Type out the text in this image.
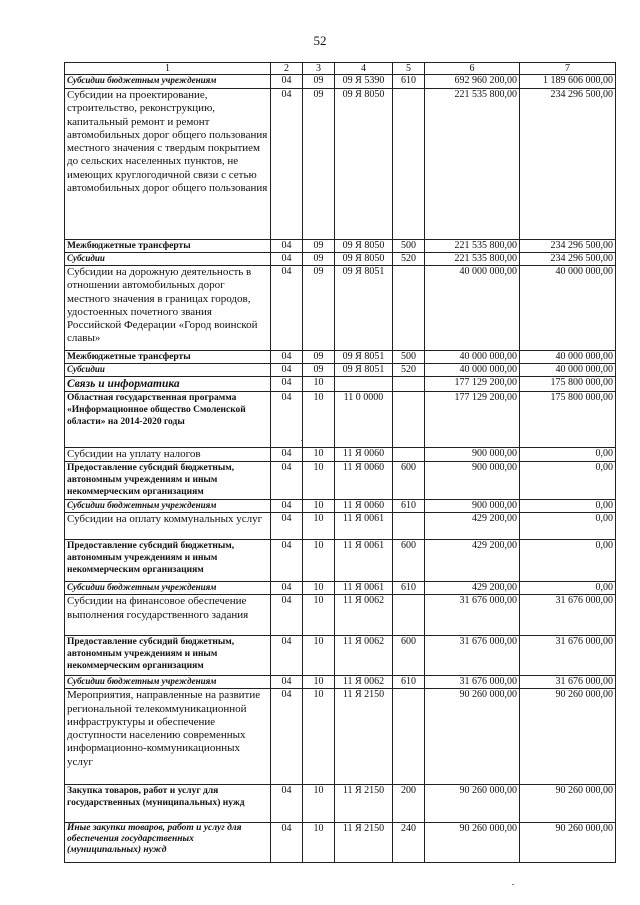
52
1	2	3	4	5	6	7
Субсидии бюджетным учреждениям	04	09	09 Я 5390	610	692 960 200,00	1 189 606 000,00
Субсидии на проектирование, строительство, реконструкцию, капитальный ремонт и ремонт автомобильных дорог общего пользования местного значения с твердым покрытием до сельских населенных пунктов, не имеющих круглогодичной связи с сетью автомобильных дорог общего пользования	04	09	09 Я 8050		221 535 800,00	234 296 500,00
Межбюджетные трансферты	04	09	09 Я 8050	500	221 535 800,00	234 296 500,00
Субсидии	04	09	09 Я 8050	520	221 535 800,00	234 296 500,00
Субсидии на дорожную деятельность в отношении автомобильных дорог местного значения в границах городов, удостоенных почетного звания Российской Федерации «Город воинской славы»	04	09	09 Я 8051		40 000 000,00	40 000 000,00
Межбюджетные трансферты	04	09	09 Я 8051	500	40 000 000,00	40 000 000,00
Субсидии	04	09	09 Я 8051	520	40 000 000,00	40 000 000,00
Связь и информатика	04	10			177 129 200,00	175 800 000,00
Областная государственная программа «Информационное общество Смоленской области» на 2014-2020 годы	04	10	11 0 0000		177 129 200,00	175 800 000,00
Субсидии на уплату налогов	04	10	11 Я 0060		900 000,00	0,00
Предоставление субсидий бюджетным, автономным учреждениям и иным некоммерческим организациям	04	10	11 Я 0060	600	900 000,00	0,00
Субсидии бюджетным учреждениям	04	10	11 Я 0060	610	900 000,00	0,00
Субсидии на оплату коммунальных услуг	04	10	11 Я 0061		429 200,00	0,00
Предоставление субсидий бюджетным, автономным учреждениям и иным некоммерческим организациям	04	10	11 Я 0061	600	429 200,00	0,00
Субсидии бюджетным учреждениям	04	10	11 Я 0061	610	429 200,00	0,00
Субсидии на финансовое обеспечение выполнения государственного задания	04	10	11 Я 0062		31 676 000,00	31 676 000,00
Предоставление субсидий бюджетным, автономным учреждениям и иным некоммерческим организациям	04	10	11 Я 0062	600	31 676 000,00	31 676 000,00
Субсидии бюджетным учреждениям	04	10	11 Я 0062	610	31 676 000,00	31 676 000,00
Мероприятия, направленные на развитие региональной телекоммуникационной инфраструктуры и обеспечение доступности населению современных информационно-коммуникационных услуг	04	10	11 Я 2150		90 260 000,00	90 260 000,00
Закупка товаров, работ и услуг для государственных (муниципальных) нужд	04	10	11 Я 2150	200	90 260 000,00	90 260 000,00
Иные закупки товаров, работ и услуг для обеспечения государственных (муниципальных) нужд	04	10	11 Я 2150	240	90 260 000,00	90 260 000,00
